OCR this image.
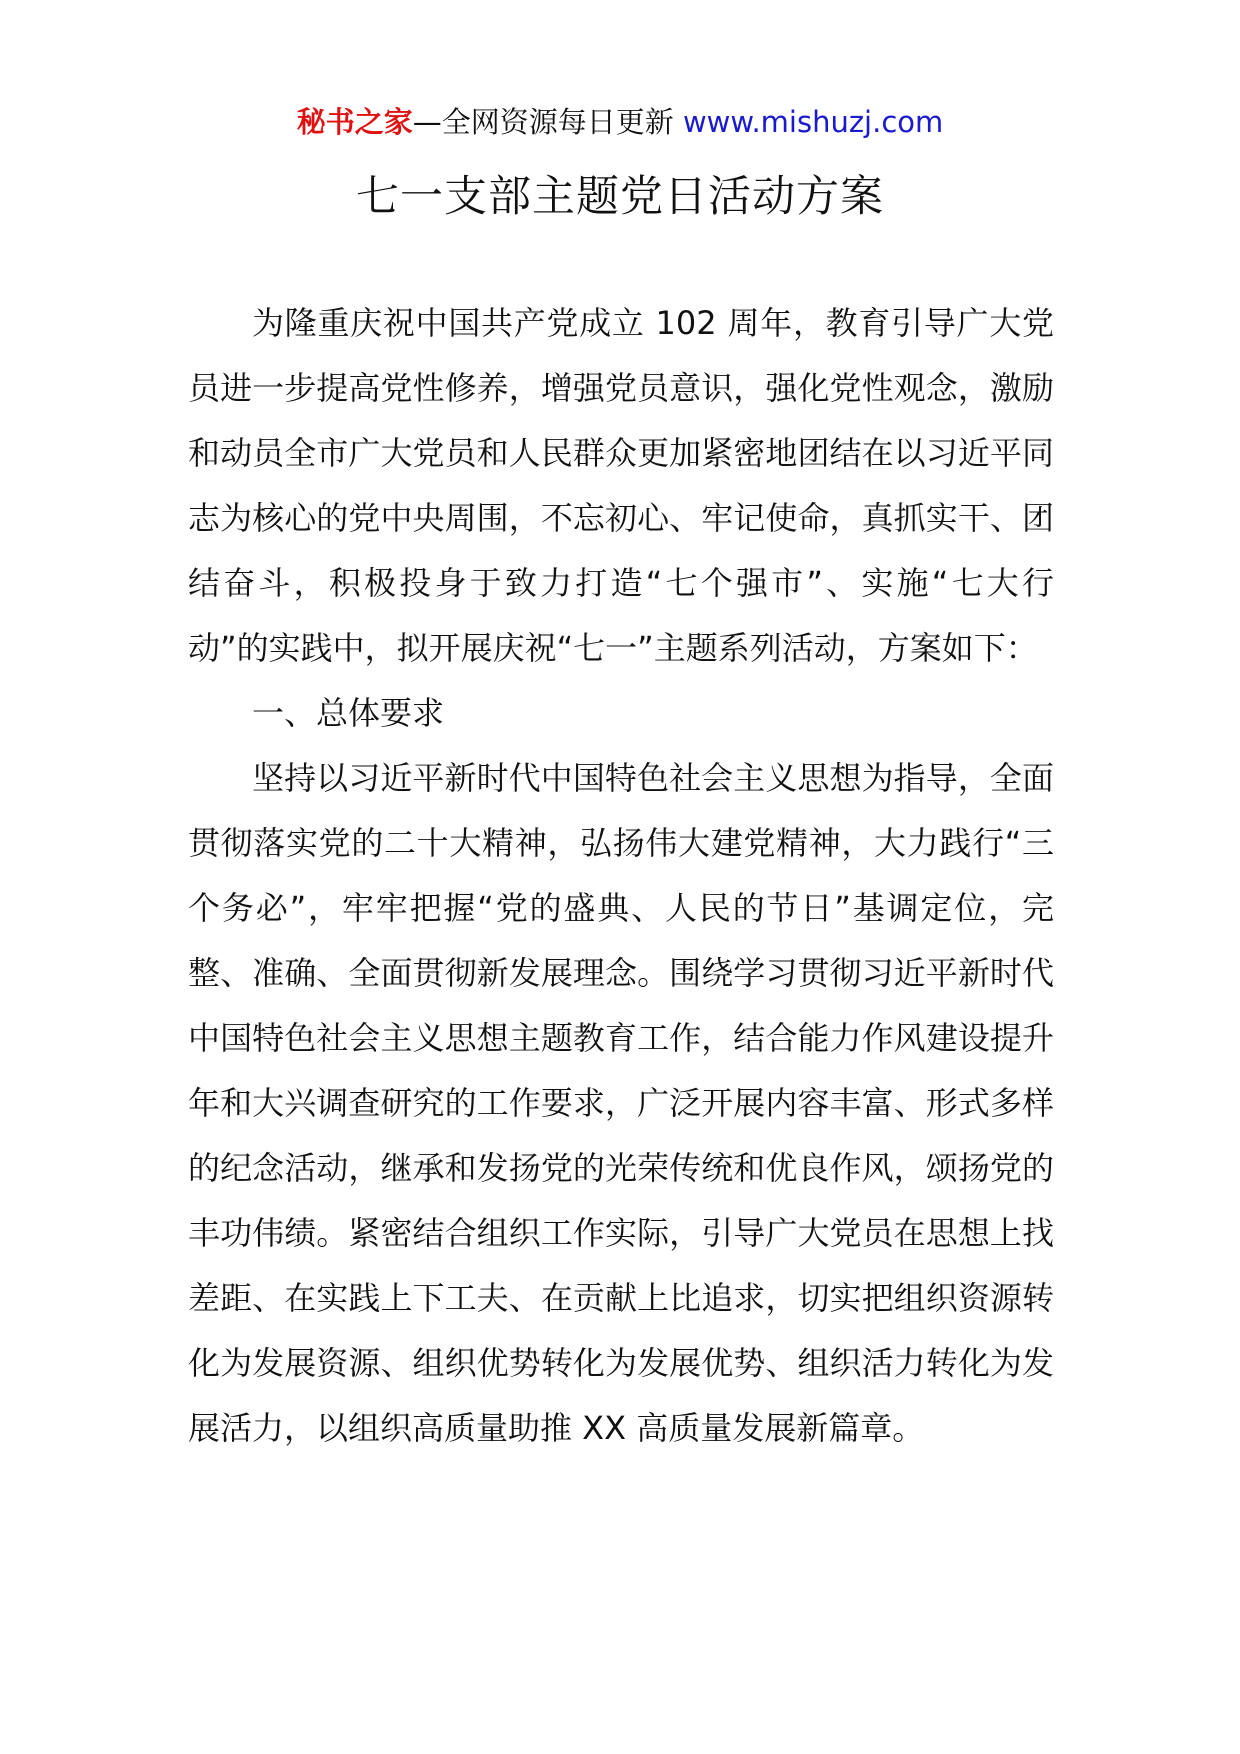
秘书之家—全网资源每日更新 www.mishuzj.com
七一支部主题党日活动方案

为隆重庆祝中国共产党成立 102 周年，教育引导广大党员进一步提高党性修养，增强党员意识，强化党性观念，激励和动员全市广大党员和人民群众更加紧密地团结在以习近平同志为核心的党中央周围，不忘初心、牢记使命，真抓实干、团结奋斗，积极投身于致力打造“七个强市”、实施“七大行动”的实践中，拟开展庆祝“七一”主题系列活动，方案如下：

一、总体要求

坚持以习近平新时代中国特色社会主义思想为指导，全面贯彻落实党的二十大精神，弘扬伟大建党精神，大力践行“三个务必”，牢牢把握“党的盛典、人民的节日”基调定位，完整、准确、全面贯彻新发展理念。围绕学习贯彻习近平新时代中国特色社会主义思想主题教育工作，结合能力作风建设提升年和大兴调查研究的工作要求，广泛开展内容丰富、形式多样的纪念活动，继承和发扬党的光荣传统和优良作风，颂扬党的丰功伟绩。紧密结合组织工作实际，引导广大党员在思想上找差距、在实践上下工夫、在贡献上比追求，切实把组织资源转化为发展资源、组织优势转化为发展优势、组织活力转化为发展活力，以组织高质量助推 XX 高质量发展新篇章。
